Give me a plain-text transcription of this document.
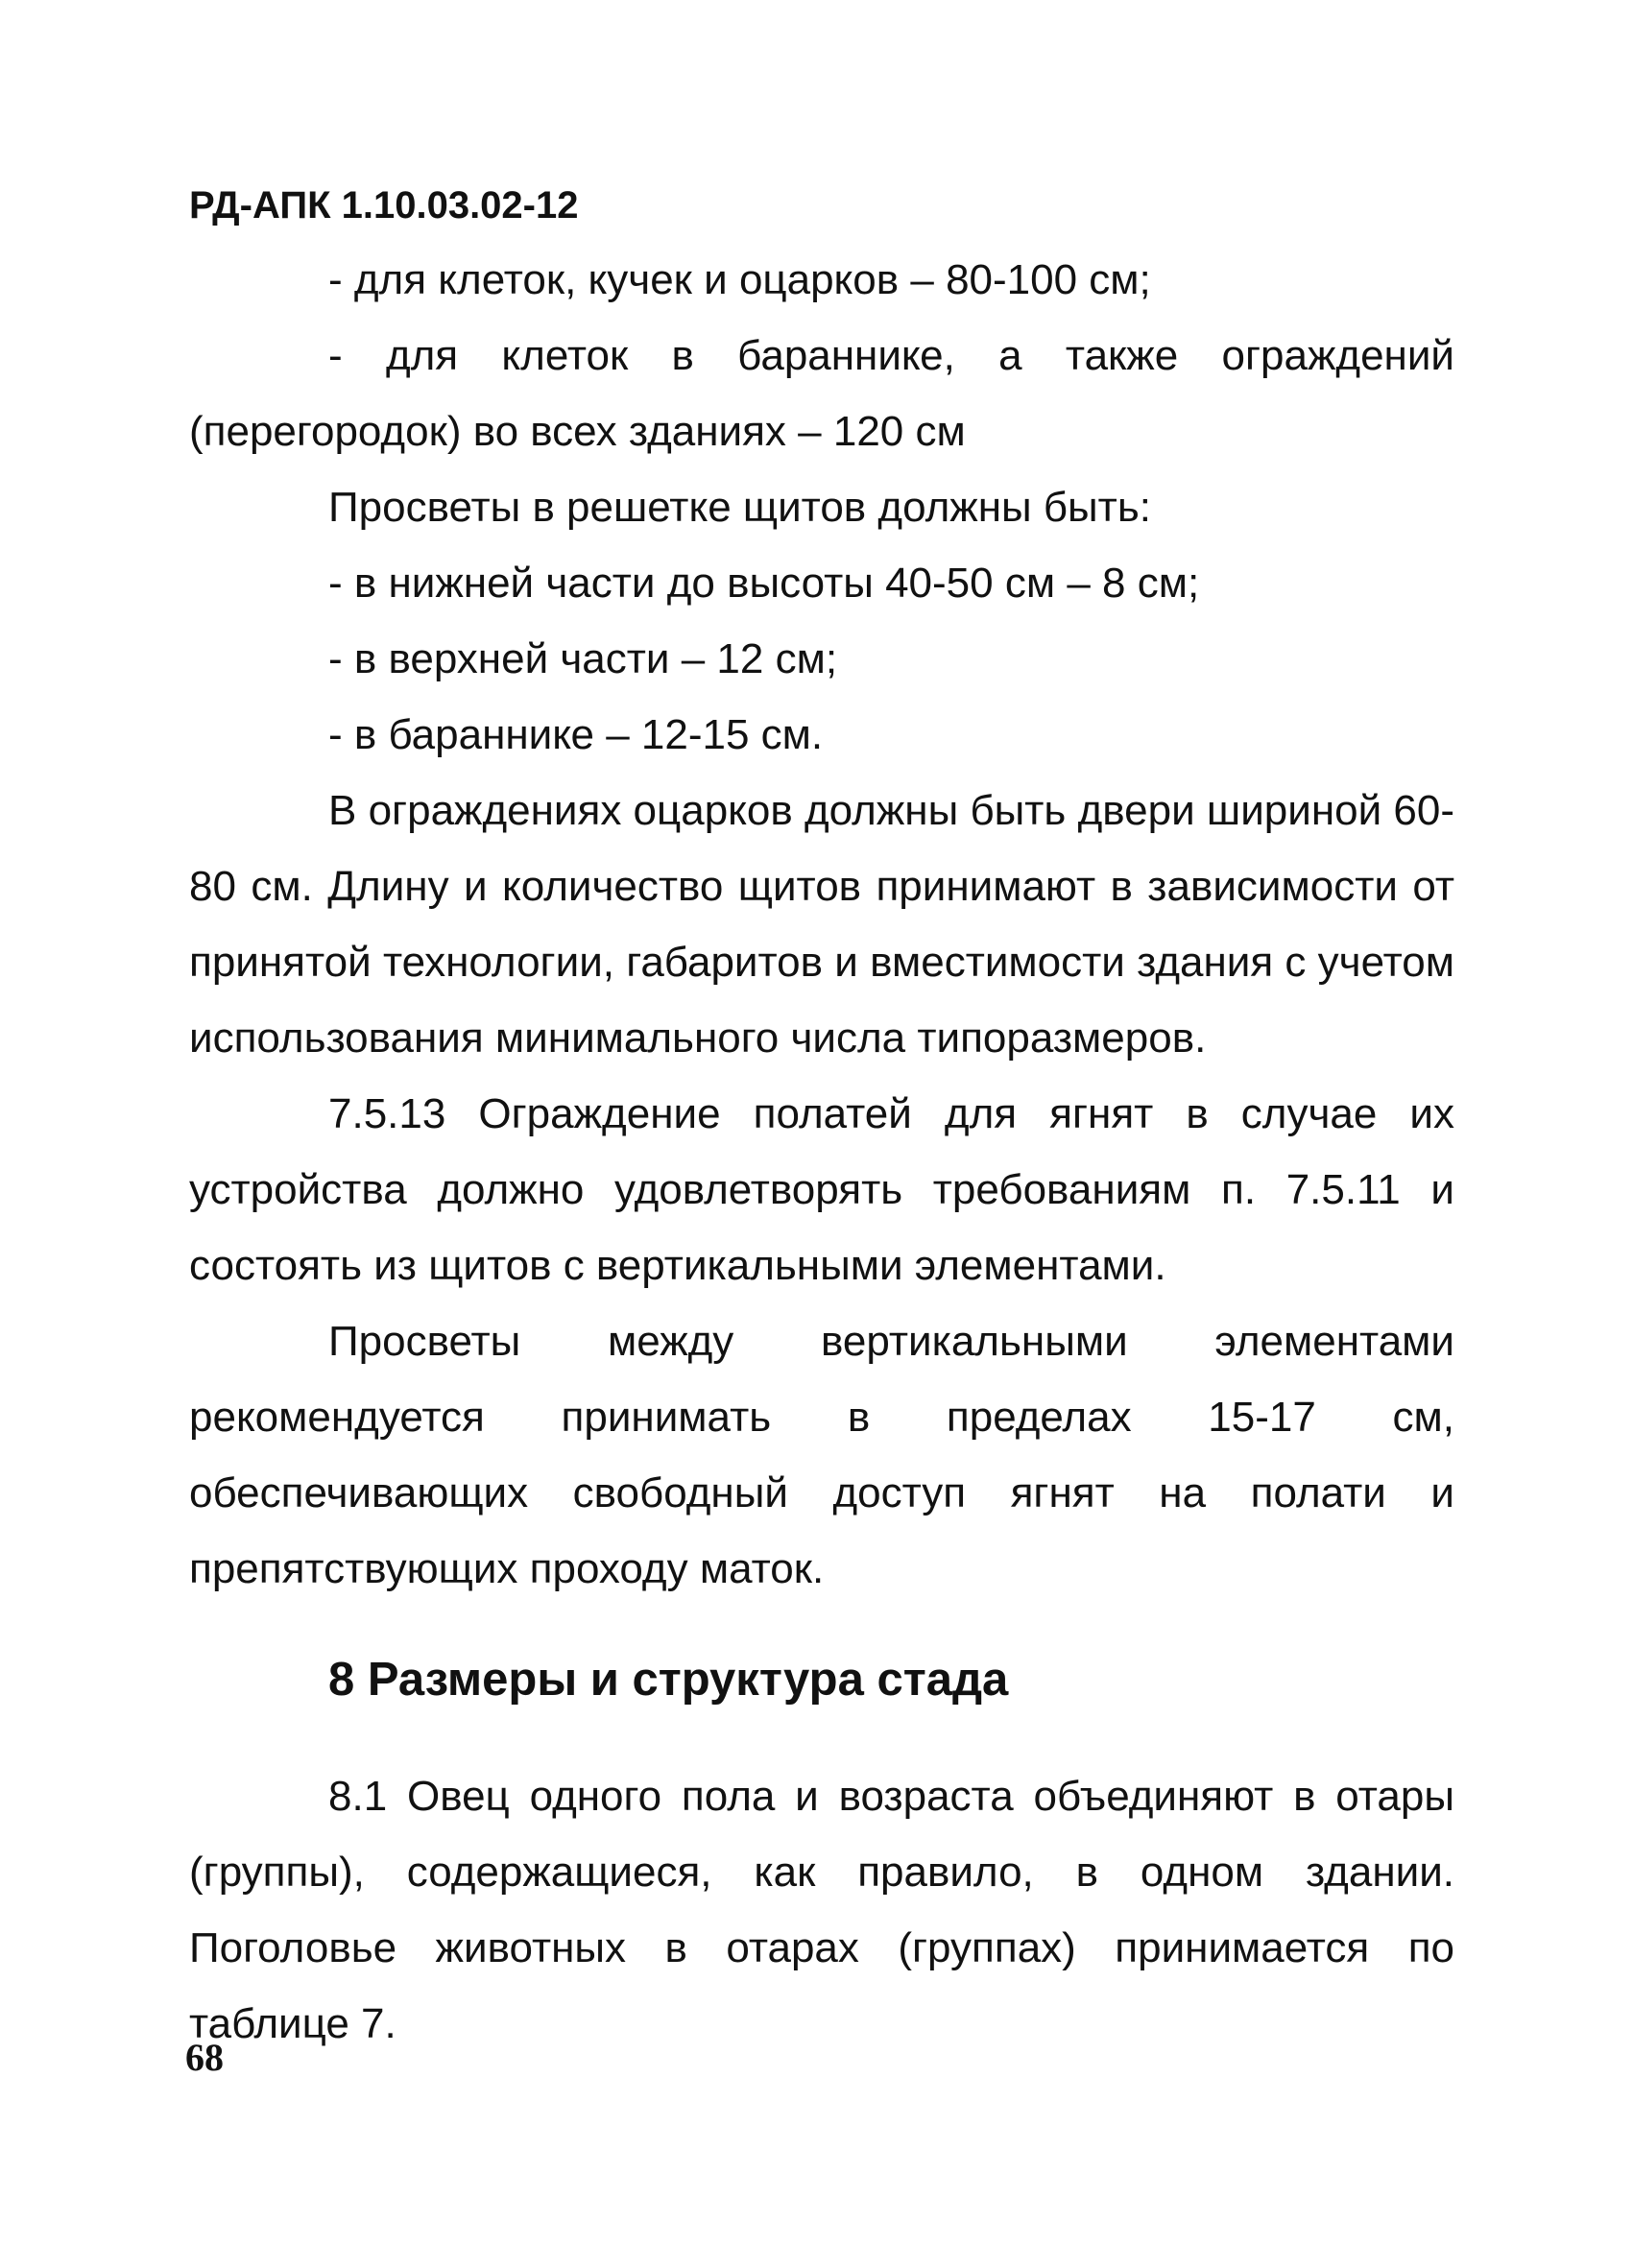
РД-АПК 1.10.03.02-12

- для клеток, кучек и оцарков – 80-100 см;

- для клеток в баранникe, а также ограждений (перегородок) во всех зданиях – 120 см

Просветы в решетке щитов должны быть:

- в нижней части до высоты 40-50 см – 8 см;

- в верхней части – 12 см;

- в баранникe – 12-15 см.

В ограждениях оцарков должны быть двери шириной 60-80 см. Длину и количество щитов принимают в зависимости от принятой технологии, габаритов и вместимости здания с учетом использования минимального числа типоразмеров.

7.5.13 Ограждение полатей для ягнят в случае их устройства должно удовлетворять требованиям п. 7.5.11 и состоять из щитов с вертикальными элементами.

Просветы между вертикальными элементами рекомендуется принимать в пределах 15-17 см, обеспечивающих свободный доступ ягнят на полати и препятствующих проходу маток.

8 Размеры и структура стада

8.1 Овец одного пола и возраста объединяют в отары (группы), содержащиеся, как правило, в одном здании. Поголовье животных в отарах (группах) принимается по таблице 7.

68
